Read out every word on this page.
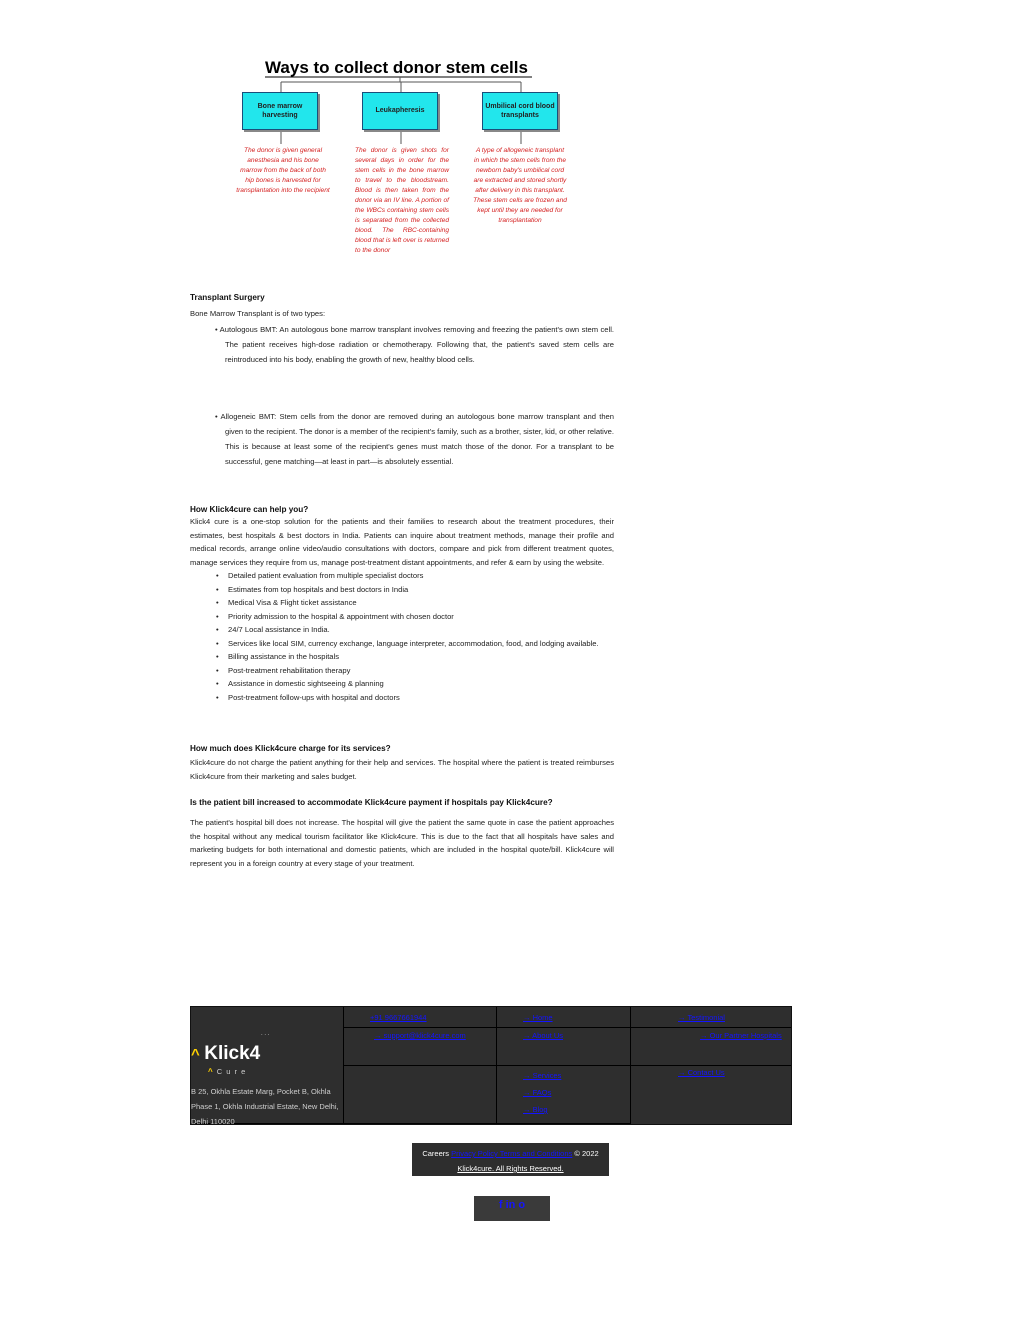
Ways to collect donor stem cells
Bone marrow harvesting
Leukapheresis
Umbilical cord blood transplants
The donor is given general anesthesia and his bone marrow from the back of both hip bones is harvested for transplantation into the recipient
The donor is given shots for several days in order for the stem cells in the bone marrow to travel to the bloodstream. Blood is then taken from the donor via an IV line. A portion of the WBCs containing stem cells is separated from the collected blood. The RBC-containing blood that is left over is returned to the donor
A type of allogeneic transplant in which the stem cells from the newborn baby's umbilical cord are extracted and stored shortly after delivery in this transplant. These stem cells are frozen and kept until they are needed for transplantation
Transplant Surgery
Bone Marrow Transplant is of two types:
• Autologous BMT: An autologous bone marrow transplant involves removing and freezing the patient's own stem cell. The patient receives high-dose radiation or chemotherapy. Following that, the patient's saved stem cells are reintroduced into his body, enabling the growth of new, healthy blood cells.
• Allogeneic BMT: Stem cells from the donor are removed during an autologous bone marrow transplant and then given to the recipient. The donor is a member of the recipient's family, such as a brother, sister, kid, or other relative. This is because at least some of the recipient's genes must match those of the donor. For a transplant to be successful, gene matching—at least in part—is absolutely essential.
How Klick4cure can help you?
Klick4 cure is a one-stop solution for the patients and their families to research about the treatment procedures, their estimates, best hospitals & best doctors in India. Patients can inquire about treatment methods, manage their profile and medical records, arrange online video/audio consultations with doctors, compare and pick from different treatment quotes, manage services they require from us, manage post-treatment distant appointments, and refer & earn by using the website.
• Detailed patient evaluation from multiple specialist doctors
• Estimates from top hospitals and best doctors in India
• Medical Visa & Flight ticket assistance
• Priority admission to the hospital & appointment with chosen doctor
• 24/7 Local assistance in India.
• Services like local SIM, currency exchange, language interpreter, accommodation, food, and lodging available.
• Billing assistance in the hospitals
• Post-treatment rehabilitation therapy
• Assistance in domestic sightseeing & planning
• Post-treatment follow-ups with hospital and doctors
How much does Klick4cure charge for its services?
Klick4cure do not charge the patient anything for their help and services. The hospital where the patient is treated reimburses Klick4cure from their marketing and sales budget.
Is the patient bill increased to accommodate Klick4cure payment if hospitals pay Klick4cure?
The patient's hospital bill does not increase. The hospital will give the patient the same quote in case the patient approaches the hospital without any medical tourism facilitator like Klick4cure. This is due to the fact that all hospitals have sales and marketing budgets for both international and domestic patients, which are included in the hospital quote/bill. Klick4cure will represent you in a foreign country at every stage of your treatment.
. . .
^ Klick4
^ C u r e
B 25, Okhla Estate Marg, Pocket B, Okhla Phase 1, Okhla Industrial Estate, New Delhi, Delhi 110020
+91 9667661944
→ support@klick4cure.com
→ Home
→ About Us
→ Services
→ FAQs
→ Blog
→ Testimonial
→ Our Partner Hospitals
→ Contact Us
Careers Privacy Policy Terms and Conditions © 2022
Klick4cure. All Rights Reserved.
f in o
